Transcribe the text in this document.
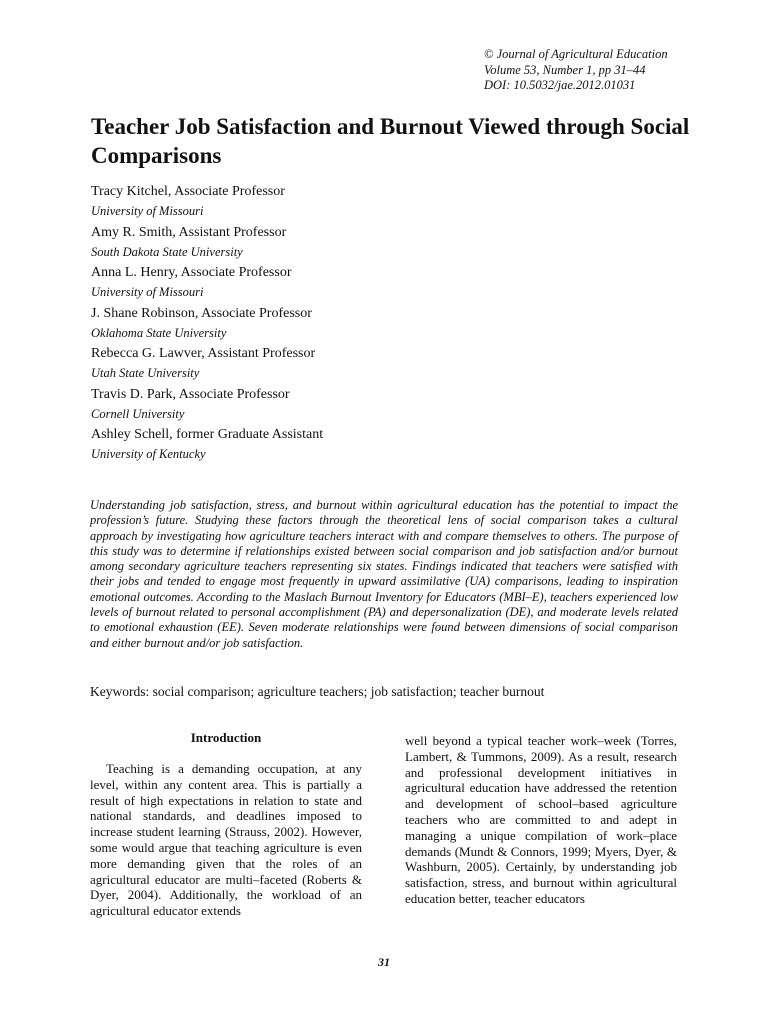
© Journal of Agricultural Education
Volume 53, Number 1, pp 31–44
DOI: 10.5032/jae.2012.01031
Teacher Job Satisfaction and Burnout Viewed through Social Comparisons
Tracy Kitchel, Associate Professor
University of Missouri
Amy R. Smith, Assistant Professor
South Dakota State University
Anna L. Henry, Associate Professor
University of Missouri
J. Shane Robinson, Associate Professor
Oklahoma State University
Rebecca G. Lawver, Assistant Professor
Utah State University
Travis D. Park, Associate Professor
Cornell University
Ashley Schell, former Graduate Assistant
University of Kentucky

Understanding job satisfaction, stress, and burnout within agricultural education has the potential to impact the profession’s future. Studying these factors through the theoretical lens of social comparison takes a cultural approach by investigating how agriculture teachers interact with and compare themselves to others. The purpose of this study was to determine if relationships existed between social comparison and job satisfaction and/or burnout among secondary agriculture teachers representing six states. Findings indicated that teachers were satisfied with their jobs and tended to engage most frequently in upward assimilative (UA) comparisons, leading to inspiration emotional outcomes. According to the Maslach Burnout Inventory for Educators (MBI–E), teachers experienced low levels of burnout related to personal accomplishment (PA) and depersonalization (DE), and moderate levels related to emotional exhaustion (EE). Seven moderate relationships were found between dimensions of social comparison and either burnout and/or job satisfaction.

Keywords: social comparison; agriculture teachers; job satisfaction; teacher burnout
Introduction

Teaching is a demanding occupation, at any level, within any content area. This is partially a result of high expectations in relation to state and national standards, and deadlines imposed to increase student learning (Strauss, 2002). However, some would argue that teaching agriculture is even more demanding given that the roles of an agricultural educator are multi–faceted (Roberts & Dyer, 2004). Additionally, the workload of an agricultural educator extends

well beyond a typical teacher work–week (Torres, Lambert, & Tummons, 2009). As a result, research and professional development initiatives in agricultural education have addressed the retention and development of school–based agriculture teachers who are committed to and adept in managing a unique compilation of work–place demands (Mundt & Connors, 1999; Myers, Dyer, & Washburn, 2005). Certainly, by understanding job satisfaction, stress, and burnout within agricultural education better, teacher educators

31
